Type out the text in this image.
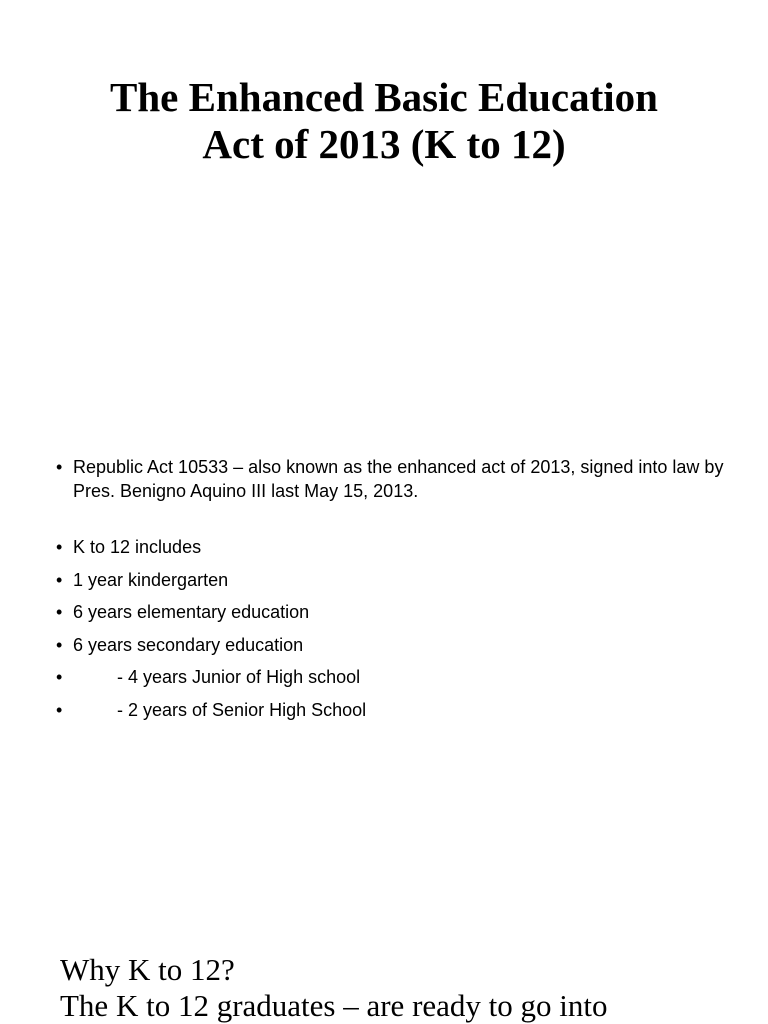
The Enhanced Basic Education Act of 2013 (K to 12)
• Republic Act 10533 – also known as the enhanced act of 2013, signed into law by Pres. Benigno Aquino III last May 15, 2013.
• K to 12 includes
• 1 year kindergarten
• 6 years elementary education
• 6 years secondary education
•	- 4 years Junior of High school
•	- 2 years of Senior High School
Why K to 12?
The K to 12 graduates – are ready to go into
